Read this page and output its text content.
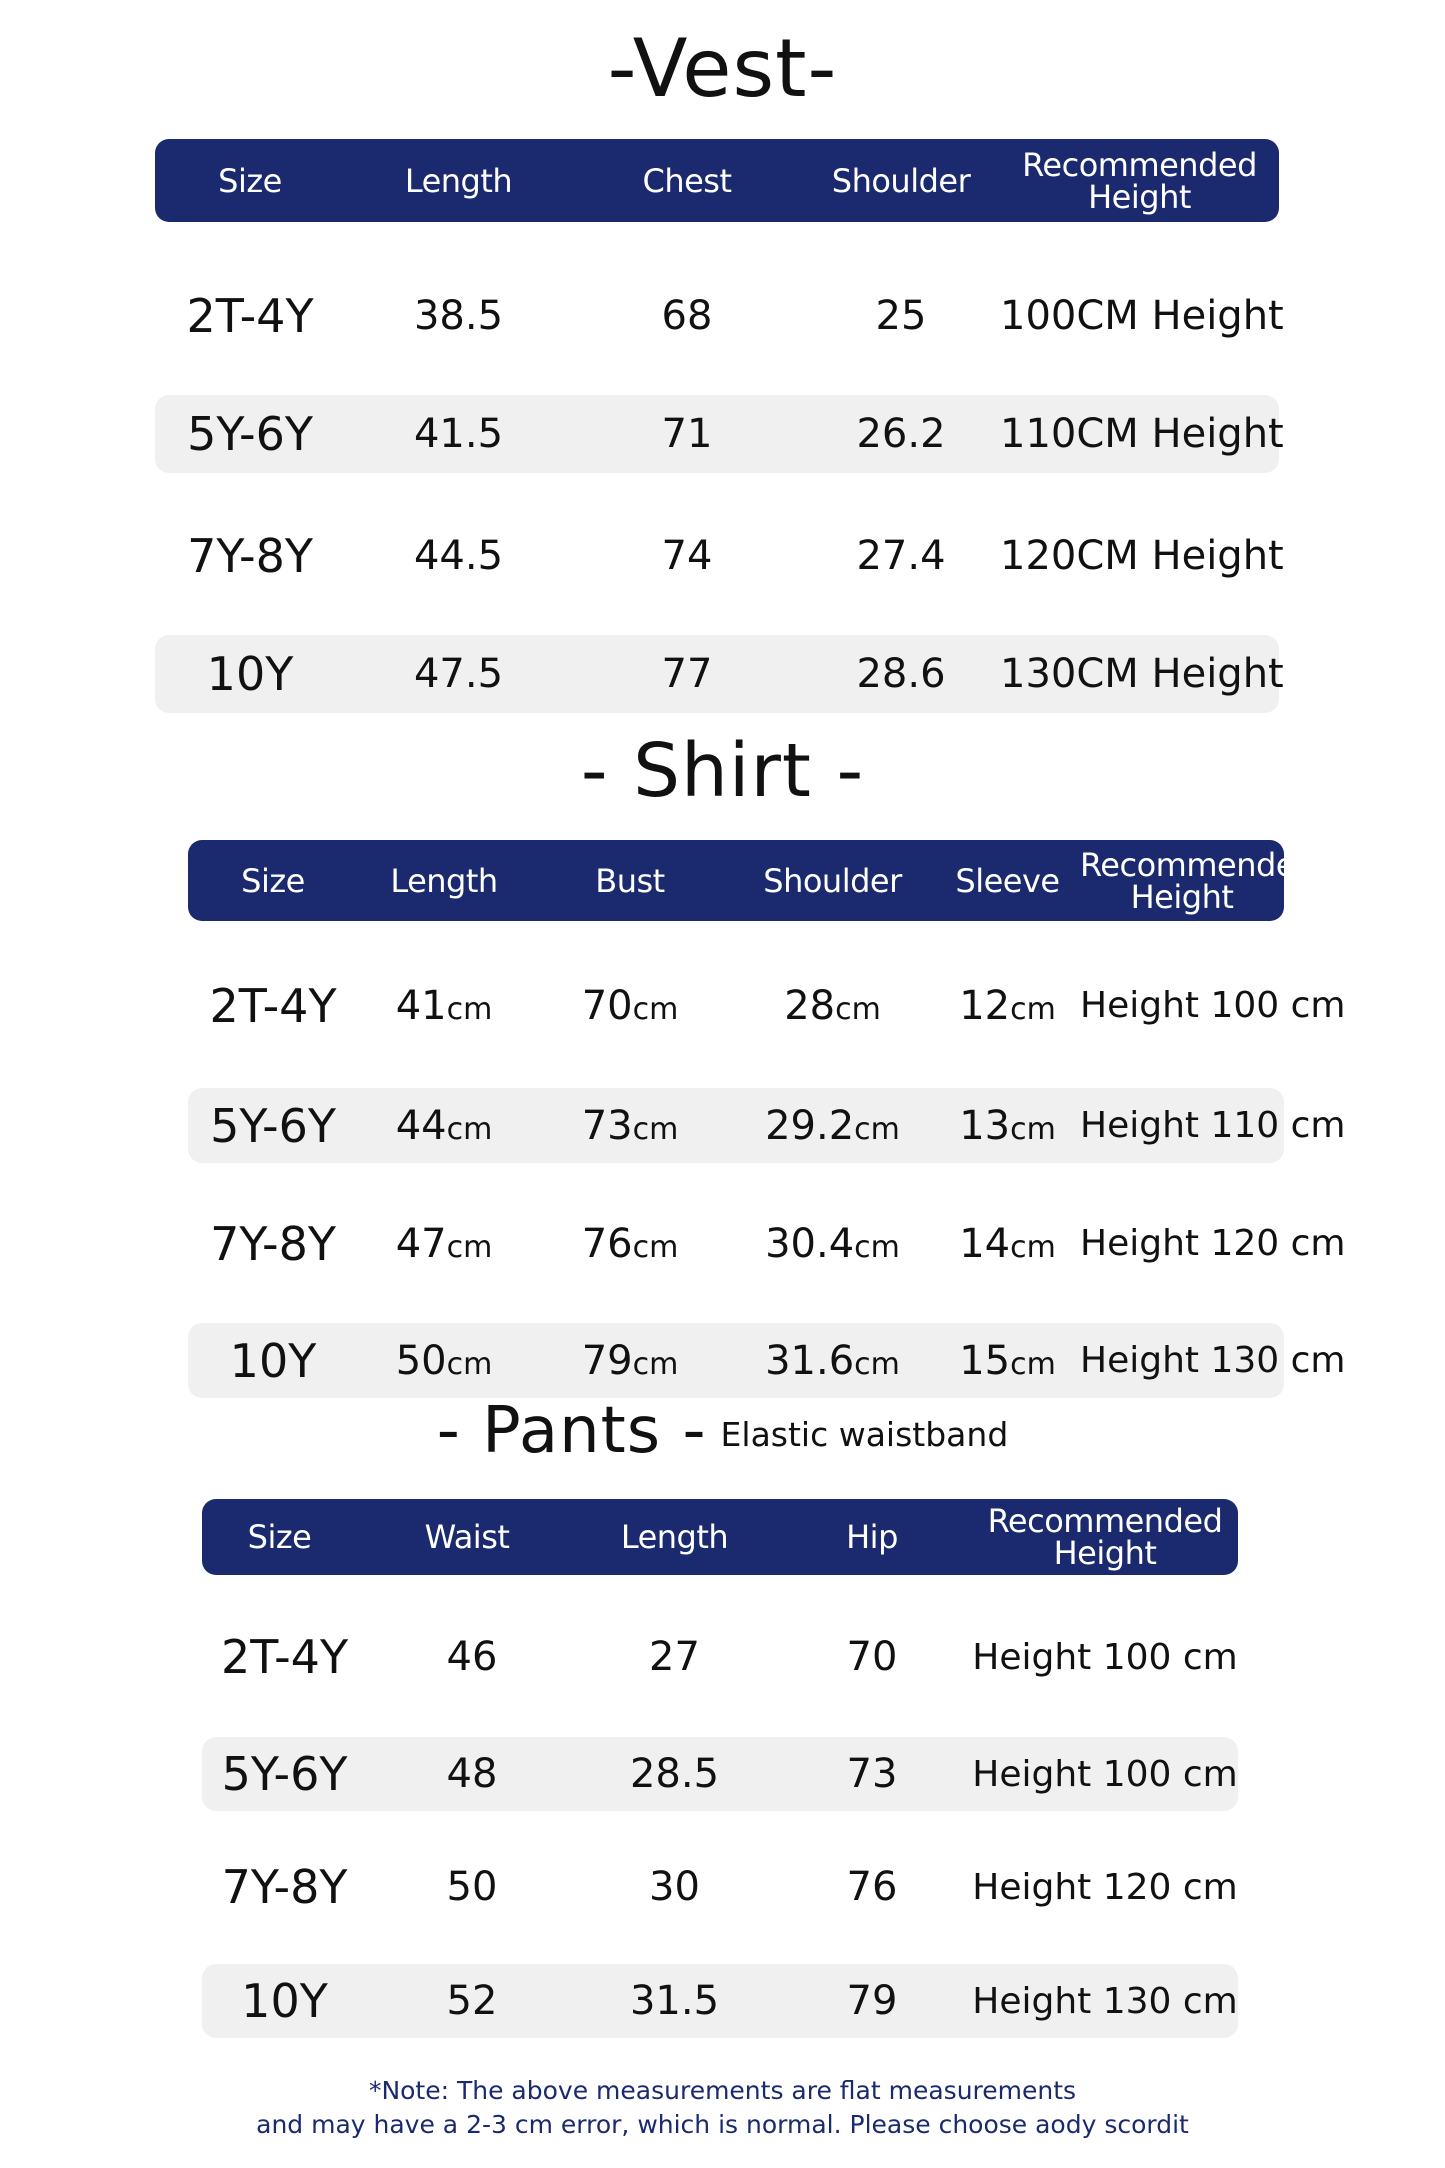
-Vest-
Size	Length	Chest	Shoulder	Recommended Height
2T-4Y	38.5	68	25	100CM Height
5Y-6Y	41.5	71	26.2	110CM Height
7Y-8Y	44.5	74	27.4	120CM Height
10Y	47.5	77	28.6	130CM Height
- Shirt -
Size	Length	Bust	Shoulder	Sleeve Recommended Height
2T-4Y	41cm	70cm	28cm	12cm Height 100 cm
5Y-6Y	44cm	73cm	29.2cm	13cm Height 110 cm
7Y-8Y	47cm	76cm	30.4cm	14cm Height 120 cm
10Y	50cm	79cm	31.6cm	15cm Height 130 cm
- Pants - Elastic waistband
Size	Waist	Length	Hip	Recommended Height
2T-4Y	46	27	70	Height 100 cm
5Y-6Y	48	28.5	73	Height 100 cm
7Y-8Y	50	30	76	Height 120 cm
10Y	52	31.5	79	Height 130 cm
*Note: The above measurements are flat measurements
and may have a 2-3 cm error, which is normal. Please choose aody scordit
